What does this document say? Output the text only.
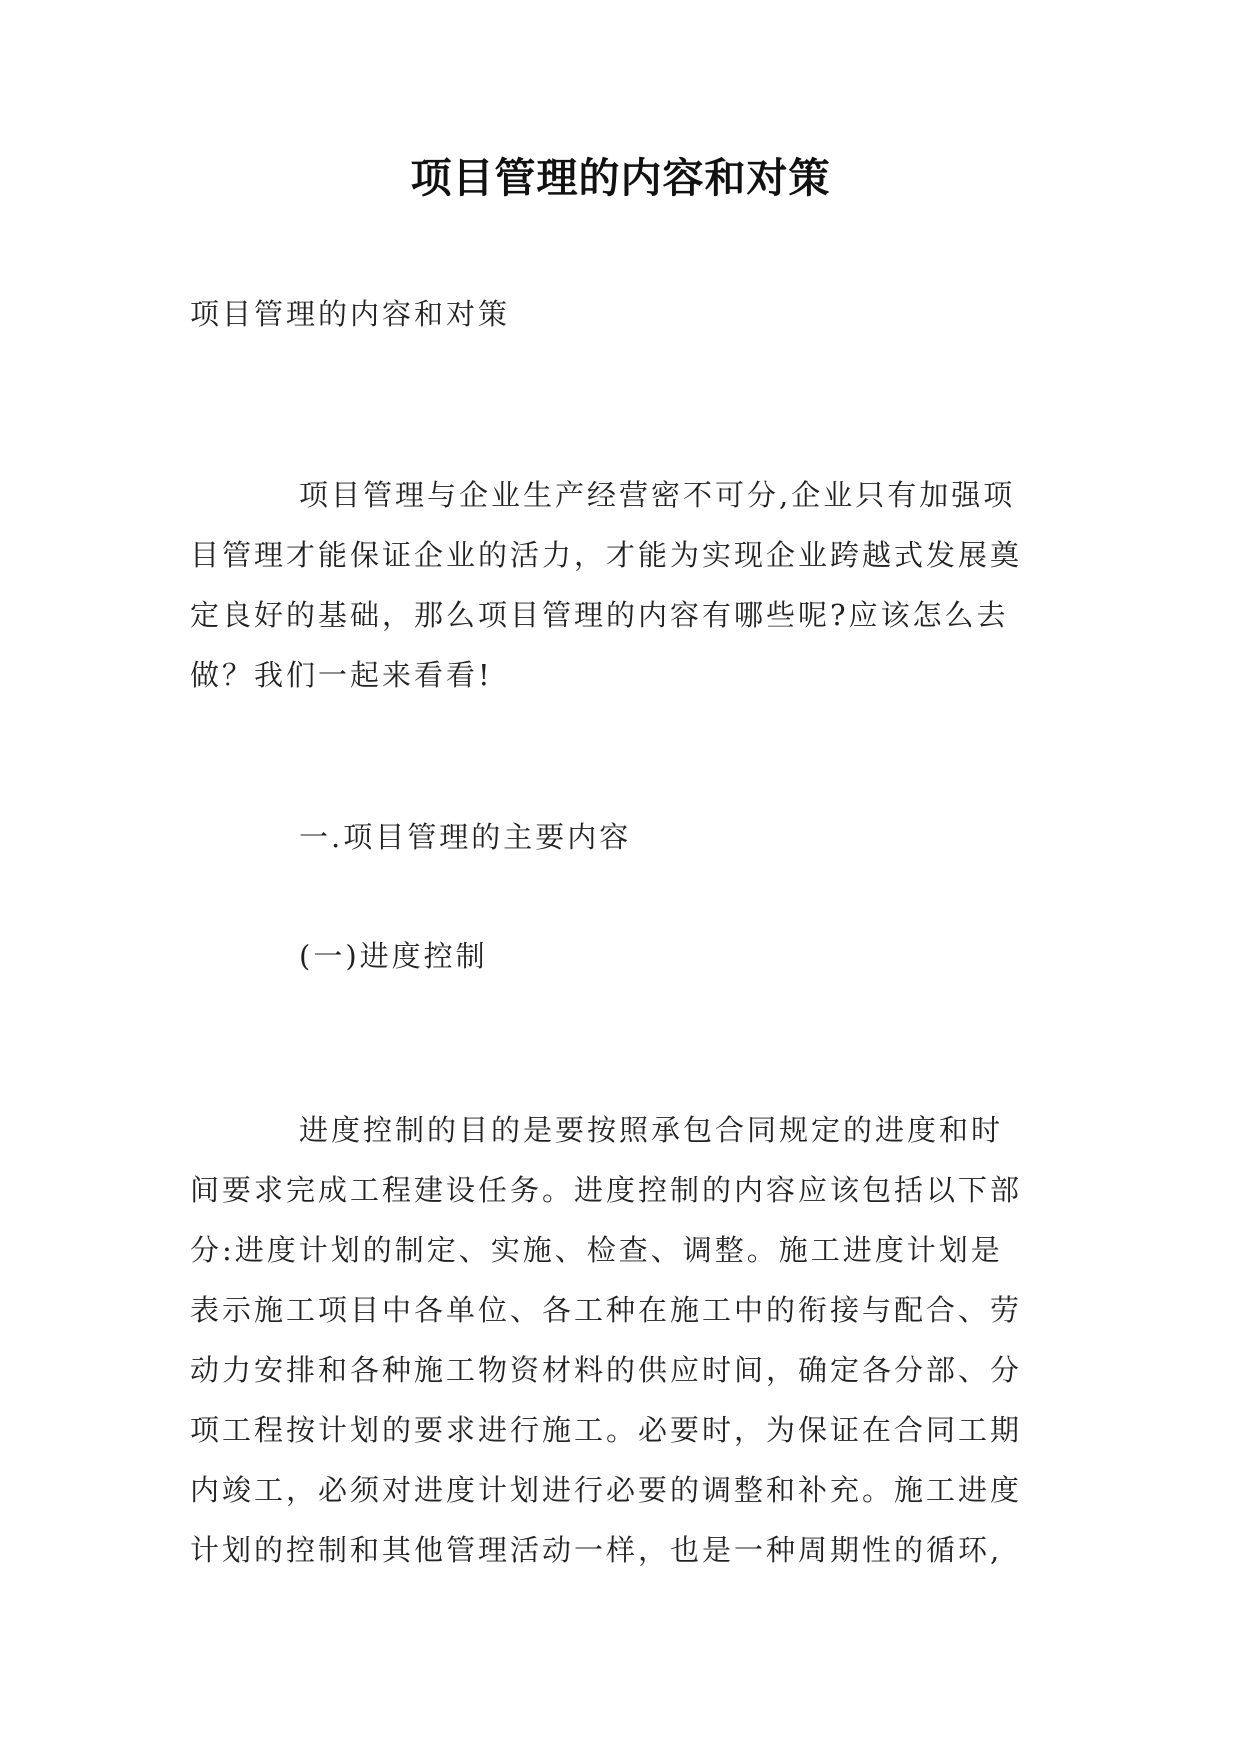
项目管理的内容和对策
项目管理的内容和对策
项目管理与企业生产经营密不可分,企业只有加强项
目管理才能保证企业的活力，才能为实现企业跨越式发展奠
定良好的基础，那么项目管理的内容有哪些呢?应该怎么去
做？我们一起来看看!
一.项目管理的主要内容
(一)进度控制
进度控制的目的是要按照承包合同规定的进度和时
间要求完成工程建设任务。进度控制的内容应该包括以下部
分:进度计划的制定、实施、检查、调整。施工进度计划是
表示施工项目中各单位、各工种在施工中的衔接与配合、劳
动力安排和各种施工物资材料的供应时间，确定各分部、分
项工程按计划的要求进行施工。必要时，为保证在合同工期
内竣工，必须对进度计划进行必要的调整和补充。施工进度
计划的控制和其他管理活动一样，也是一种周期性的循环,
